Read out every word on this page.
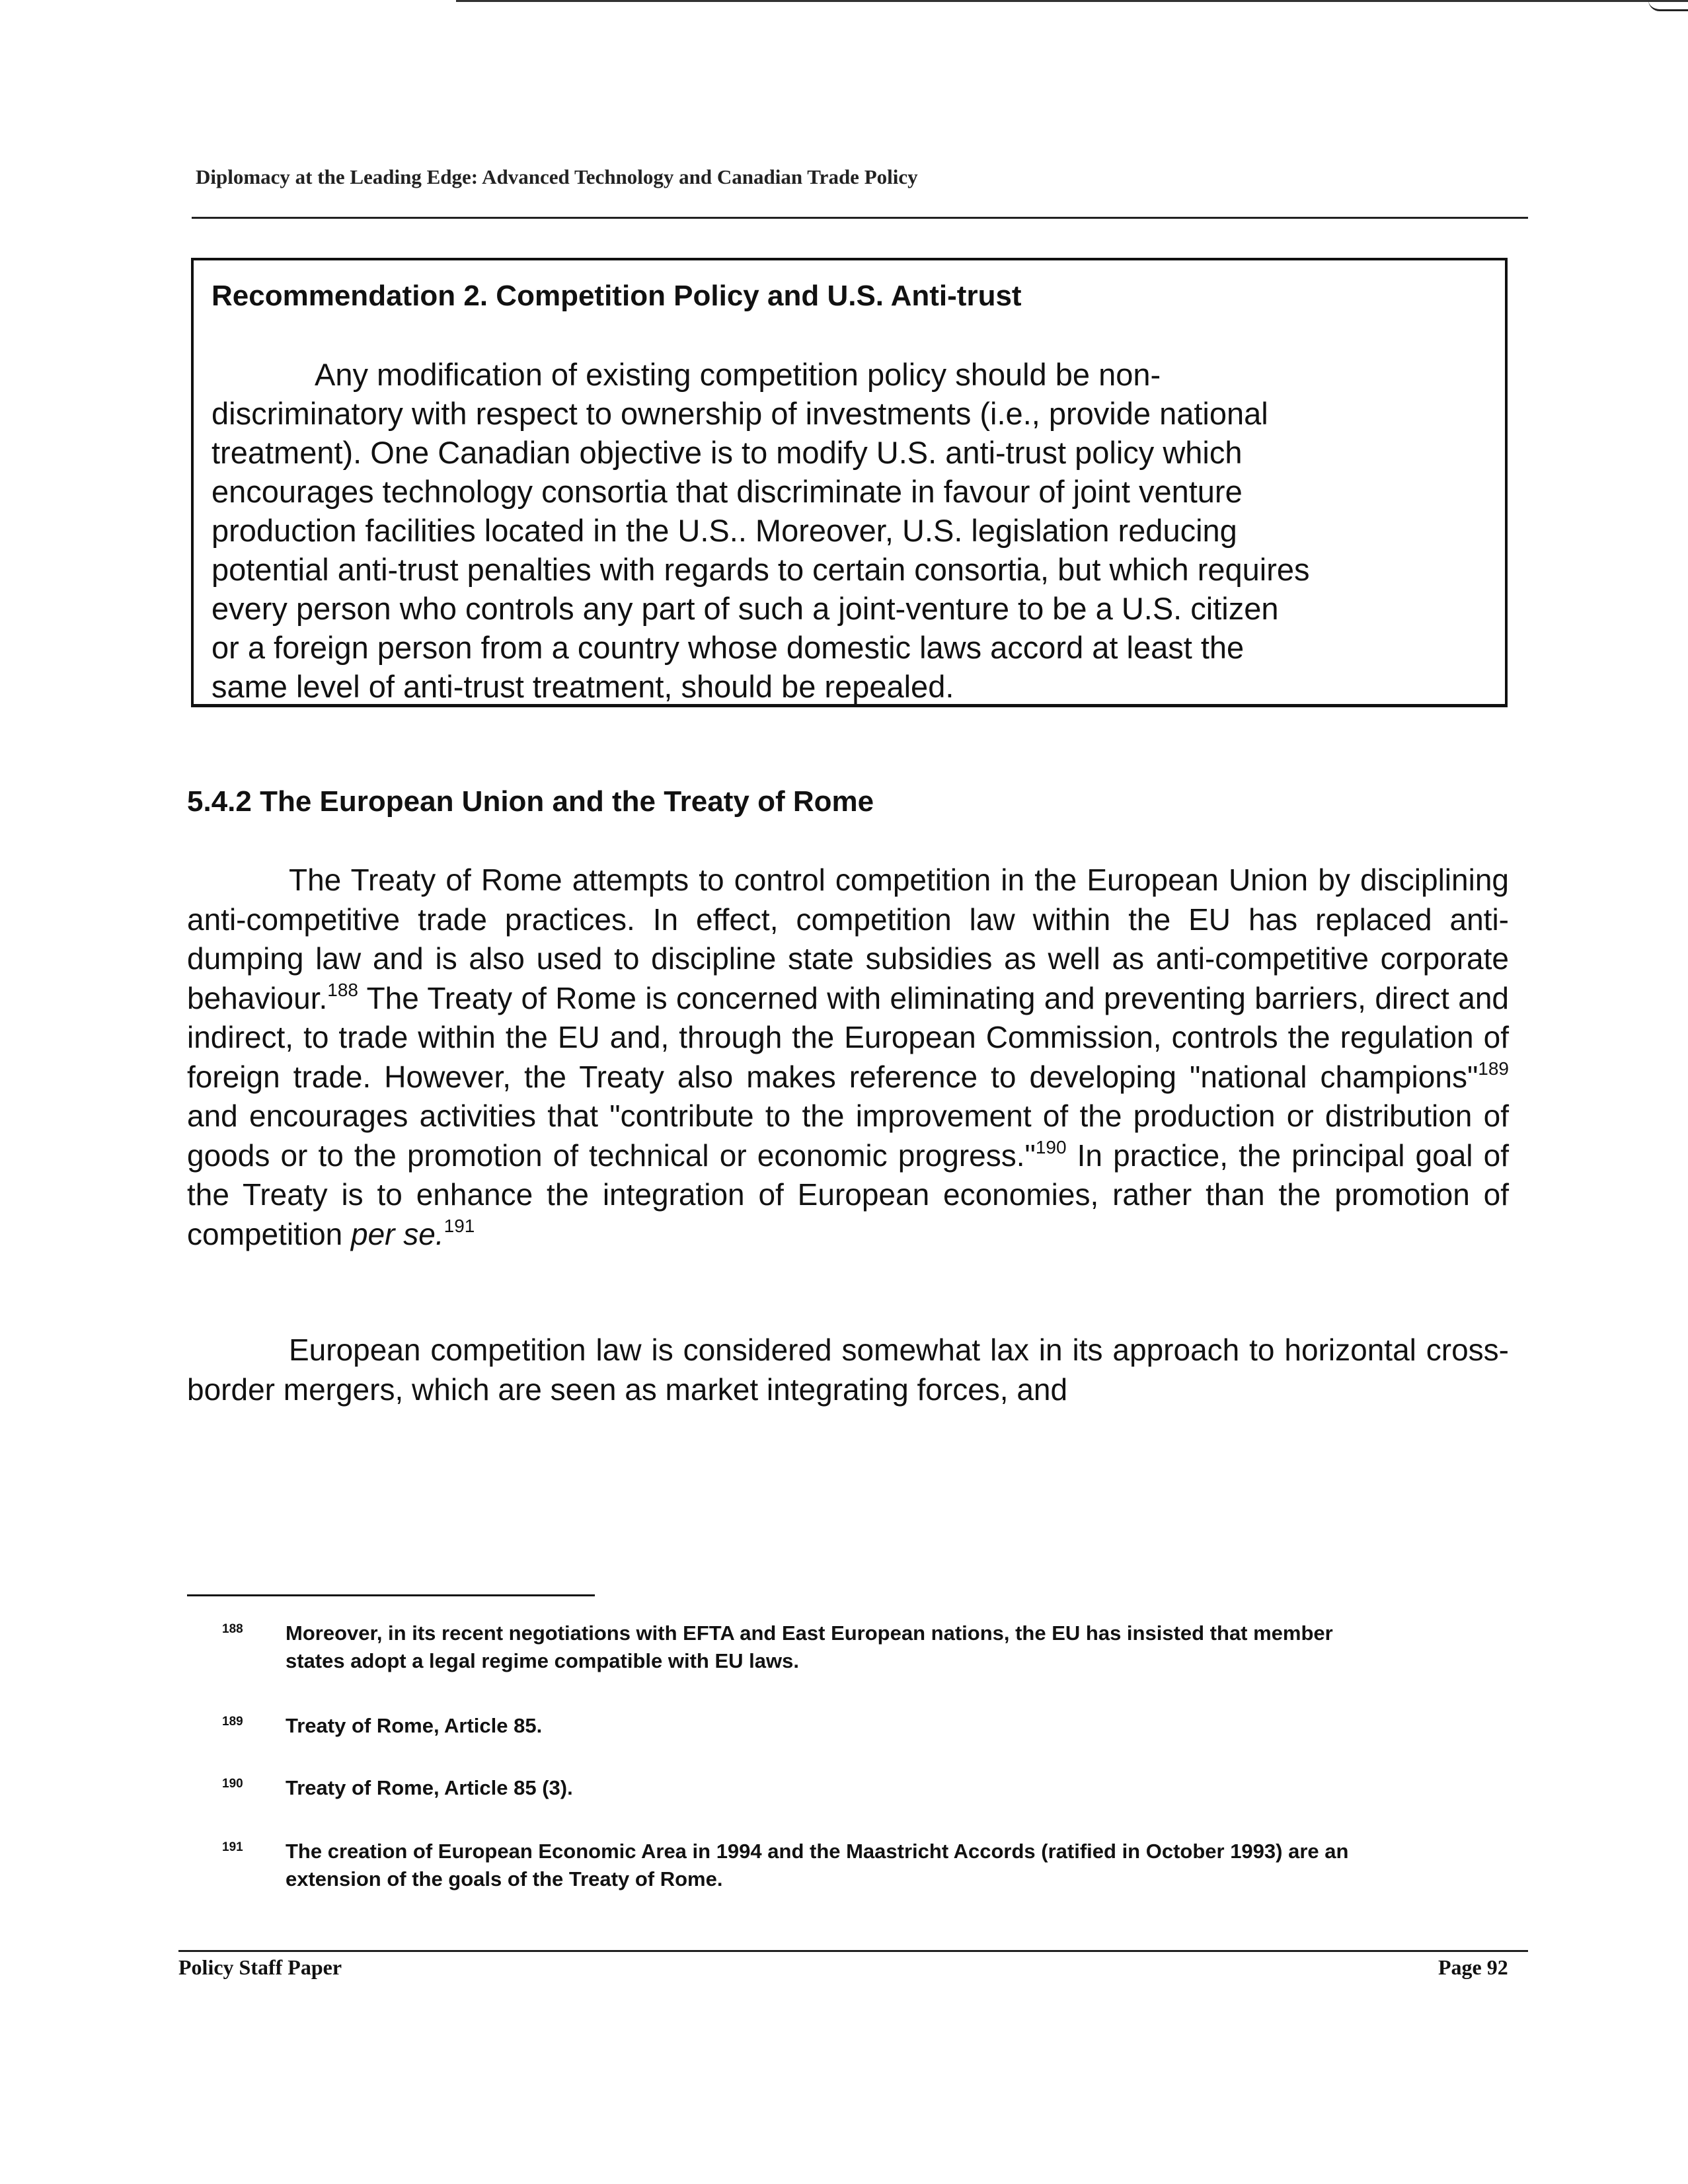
Diplomacy at the Leading Edge: Advanced Technology and Canadian Trade Policy
Recommendation 2. Competition Policy and U.S. Anti-trust
Any modification of existing competition policy should be non-
discriminatory with respect to ownership of investments (i.e., provide national
treatment). One Canadian objective is to modify U.S. anti-trust policy which
encourages technology consortia that discriminate in favour of joint venture
production facilities located in the U.S.. Moreover, U.S. legislation reducing
potential anti-trust penalties with regards to certain consortia, but which requires
every person who controls any part of such a joint-venture to be a U.S. citizen
or a foreign person from a country whose domestic laws accord at least the
same level of anti-trust treatment, should be repealed.
5.4.2 The European Union and the Treaty of Rome

The Treaty of Rome attempts to control competition in the European Union by disciplining anti-competitive trade practices. In effect, competition law within the EU has replaced anti-dumping law and is also used to discipline state subsidies as well as anti-competitive corporate behaviour.$^{188}$ The Treaty of Rome is concerned with eliminating and preventing barriers, direct and indirect, to trade within the EU and, through the European Commission, controls the regulation of foreign trade. However, the Treaty also makes reference to developing "national champions"$^{189}$ and encourages activities that "contribute to the improvement of the production or distribution of goods or to the promotion of technical or economic progress."$^{190}$ In practice, the principal goal of the Treaty is to enhance the integration of European economies, rather than the promotion of competition per se.$^{191}$

European competition law is considered somewhat lax in its approach to horizontal cross-border mergers, which are seen as market integrating forces, and

188 Moreover, in its recent negotiations with EFTA and East European nations, the EU has insisted that member
states adopt a legal regime compatible with EU laws.
189 Treaty of Rome, Article 85.
190 Treaty of Rome, Article 85 (3).
191 The creation of European Economic Area in 1994 and the Maastricht Accords (ratified in October 1993) are an
extension of the goals of the Treaty of Rome.
Policy Staff Paper	Page 92
